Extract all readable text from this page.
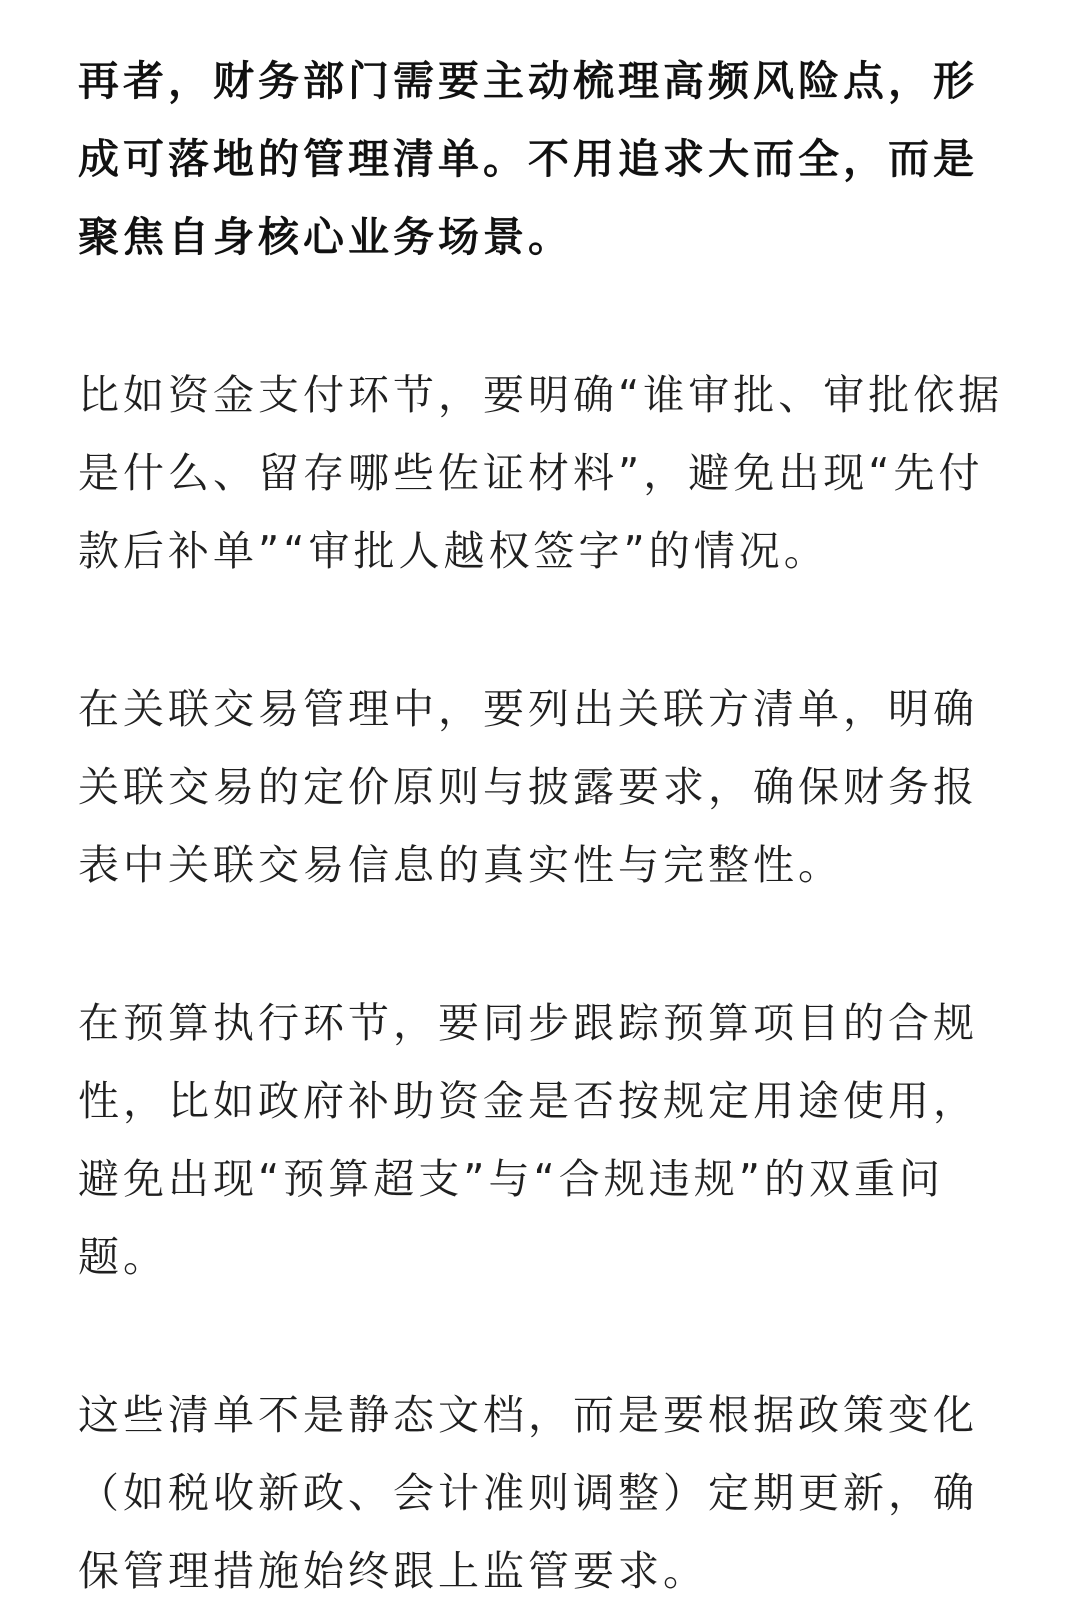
再者，财务部门需要主动梳理高频风险点，形成可落地的管理清单。不用追求大而全，而是聚焦自身核心业务场景。

比如资金支付环节，要明确“谁审批、审批依据是什么、留存哪些佐证材料”，避免出现“先付款后补单”“审批人越权签字”的情况。

在关联交易管理中，要列出关联方清单，明确关联交易的定价原则与披露要求，确保财务报表中关联交易信息的真实性与完整性。

在预算执行环节，要同步跟踪预算项目的合规性，比如政府补助资金是否按规定用途使用，避免出现“预算超支”与“合规违规”的双重问题。

这些清单不是静态文档，而是要根据政策变化（如税收新政、会计准则调整）定期更新，确保管理措施始终跟上监管要求。
